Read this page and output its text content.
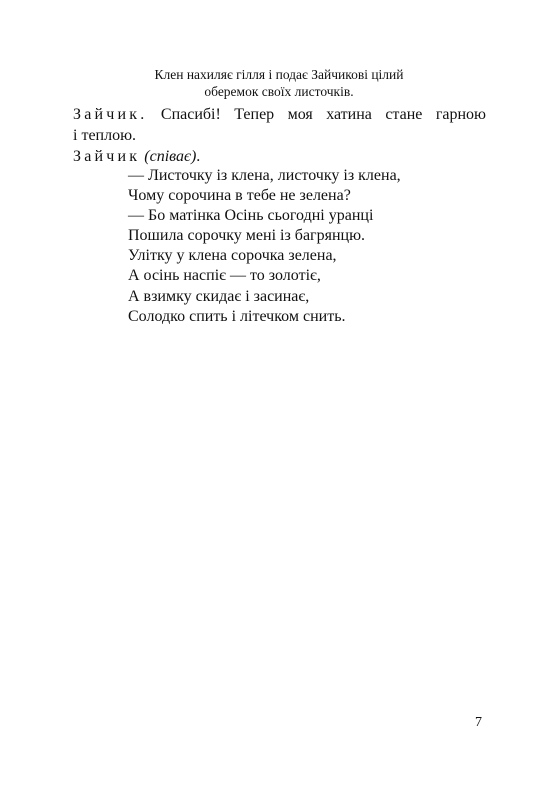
Клен нахиляє гілля і подає Зайчикові цілий
оберемок своїх листочків.
Зайчик. Спасибі! Тепер моя хатина стане гарною
і теплою.
Зайчик (співає).
— Листочку із клена, листочку із клена,
Чому сорочина в тебе не зелена?
— Бо матінка Осінь сьогодні уранці
Пошила сорочку мені із багрянцю.
Улітку у клена сорочка зелена,
А осінь наспіє — то золотіє,
А взимку скидає і засинає,
Солодко спить і літечком снить.
7
